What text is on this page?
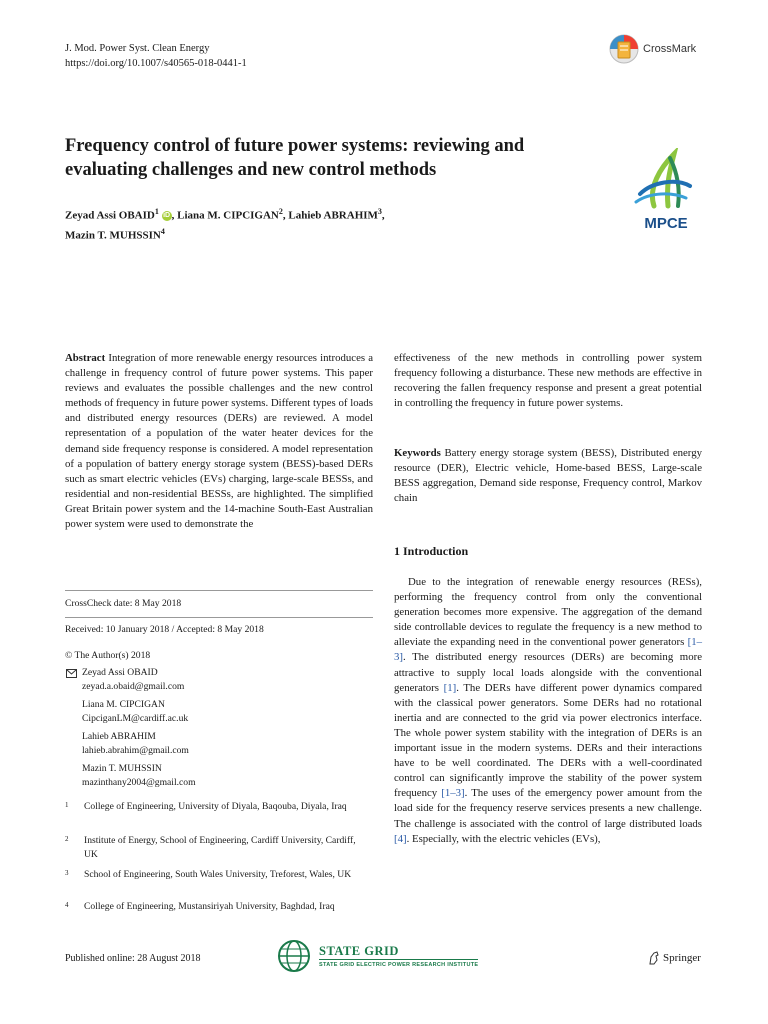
J. Mod. Power Syst. Clean Energy
https://doi.org/10.1007/s40565-018-0441-1
CrossMark
Frequency control of future power systems: reviewing and evaluating challenges and new control methods
Zeyad Assi OBAID$^1$ iD , Liana M. CIPCIGAN$^2$, Lahieb ABRAHIM$^3$,
Mazin T. MUHSSIN$^4$	MPCE
Abstract Integration of more renewable energy resources introduces a challenge in frequency control of future power systems. This paper reviews and evaluates the possible challenges and the new control methods of frequency in future power systems. Different types of loads and distributed energy resources (DERs) are reviewed. A model representation of a population of the water heater devices for the demand side frequency response is considered. A model representation of a population of battery energy storage system (BESS)-based DERs such as smart electric vehicles (EVs) charging, large-scale BESSs, and residential and non-residential BESSs, are highlighted. The simplified Great Britain power system and the 14-machine South-East Australian power system were used to demonstrate the
effectiveness of the new methods in controlling power system frequency following a disturbance. These new methods are effective in recovering the fallen frequency response and present a great potential in controlling the frequency in future power systems.
Keywords Battery energy storage system (BESS), Distributed energy resource (DER), Electric vehicle, Home-based BESS, Large-scale BESS aggregation, Demand side response, Frequency control, Markov chain
CrossCheck date: 8 May 2018
Received: 10 January 2018 / Accepted: 8 May 2018
© The Author(s) 2018
Zeyad Assi OBAID
zeyad.a.obaid@gmail.com
Liana M. CIPCIGAN
CipciganLM@cardiff.ac.uk
Lahieb ABRAHIM
lahieb.abrahim@gmail.com
Mazin T. MUHSSIN
mazinthany2004@gmail.com
1	College of Engineering, University of Diyala, Baqouba, Diyala, Iraq
2	Institute of Energy, School of Engineering, Cardiff University, Cardiff, UK
3	School of Engineering, South Wales University, Treforest, Wales, UK
4	College of Engineering, Mustansiriyah University, Baghdad, Iraq
1 Introduction
Due to the integration of renewable energy resources (RESs), performing the frequency control from only the conventional generation becomes more expensive. The aggregation of the demand side controllable devices to regulate the frequency is a new method to alleviate the expanding need in the conventional power generators [1–3]. The distributed energy resources (DERs) are becoming more attractive to supply local loads alongside with the conventional generators [1]. The DERs have different power dynamics compared with the classical power generators. Some DERs had no rotational inertia and are connected to the grid via power electronics interface. The whole power system stability with the integration of DERs is an important issue in the modern systems. DERs and their interactions have to be well coordinated. The DERs with a well-coordinated control can significantly improve the stability of the power system frequency [1–3]. The uses of the emergency power amount from the load side for the frequency reserve services presents a new challenge. The challenge is associated with the control of large distributed loads [4]. Especially, with the electric vehicles (EVs),
Published online: 28 August 2018
STATE GRID
STATE GRID ELECTRIC POWER RESEARCH INSTITUTE
Springer
